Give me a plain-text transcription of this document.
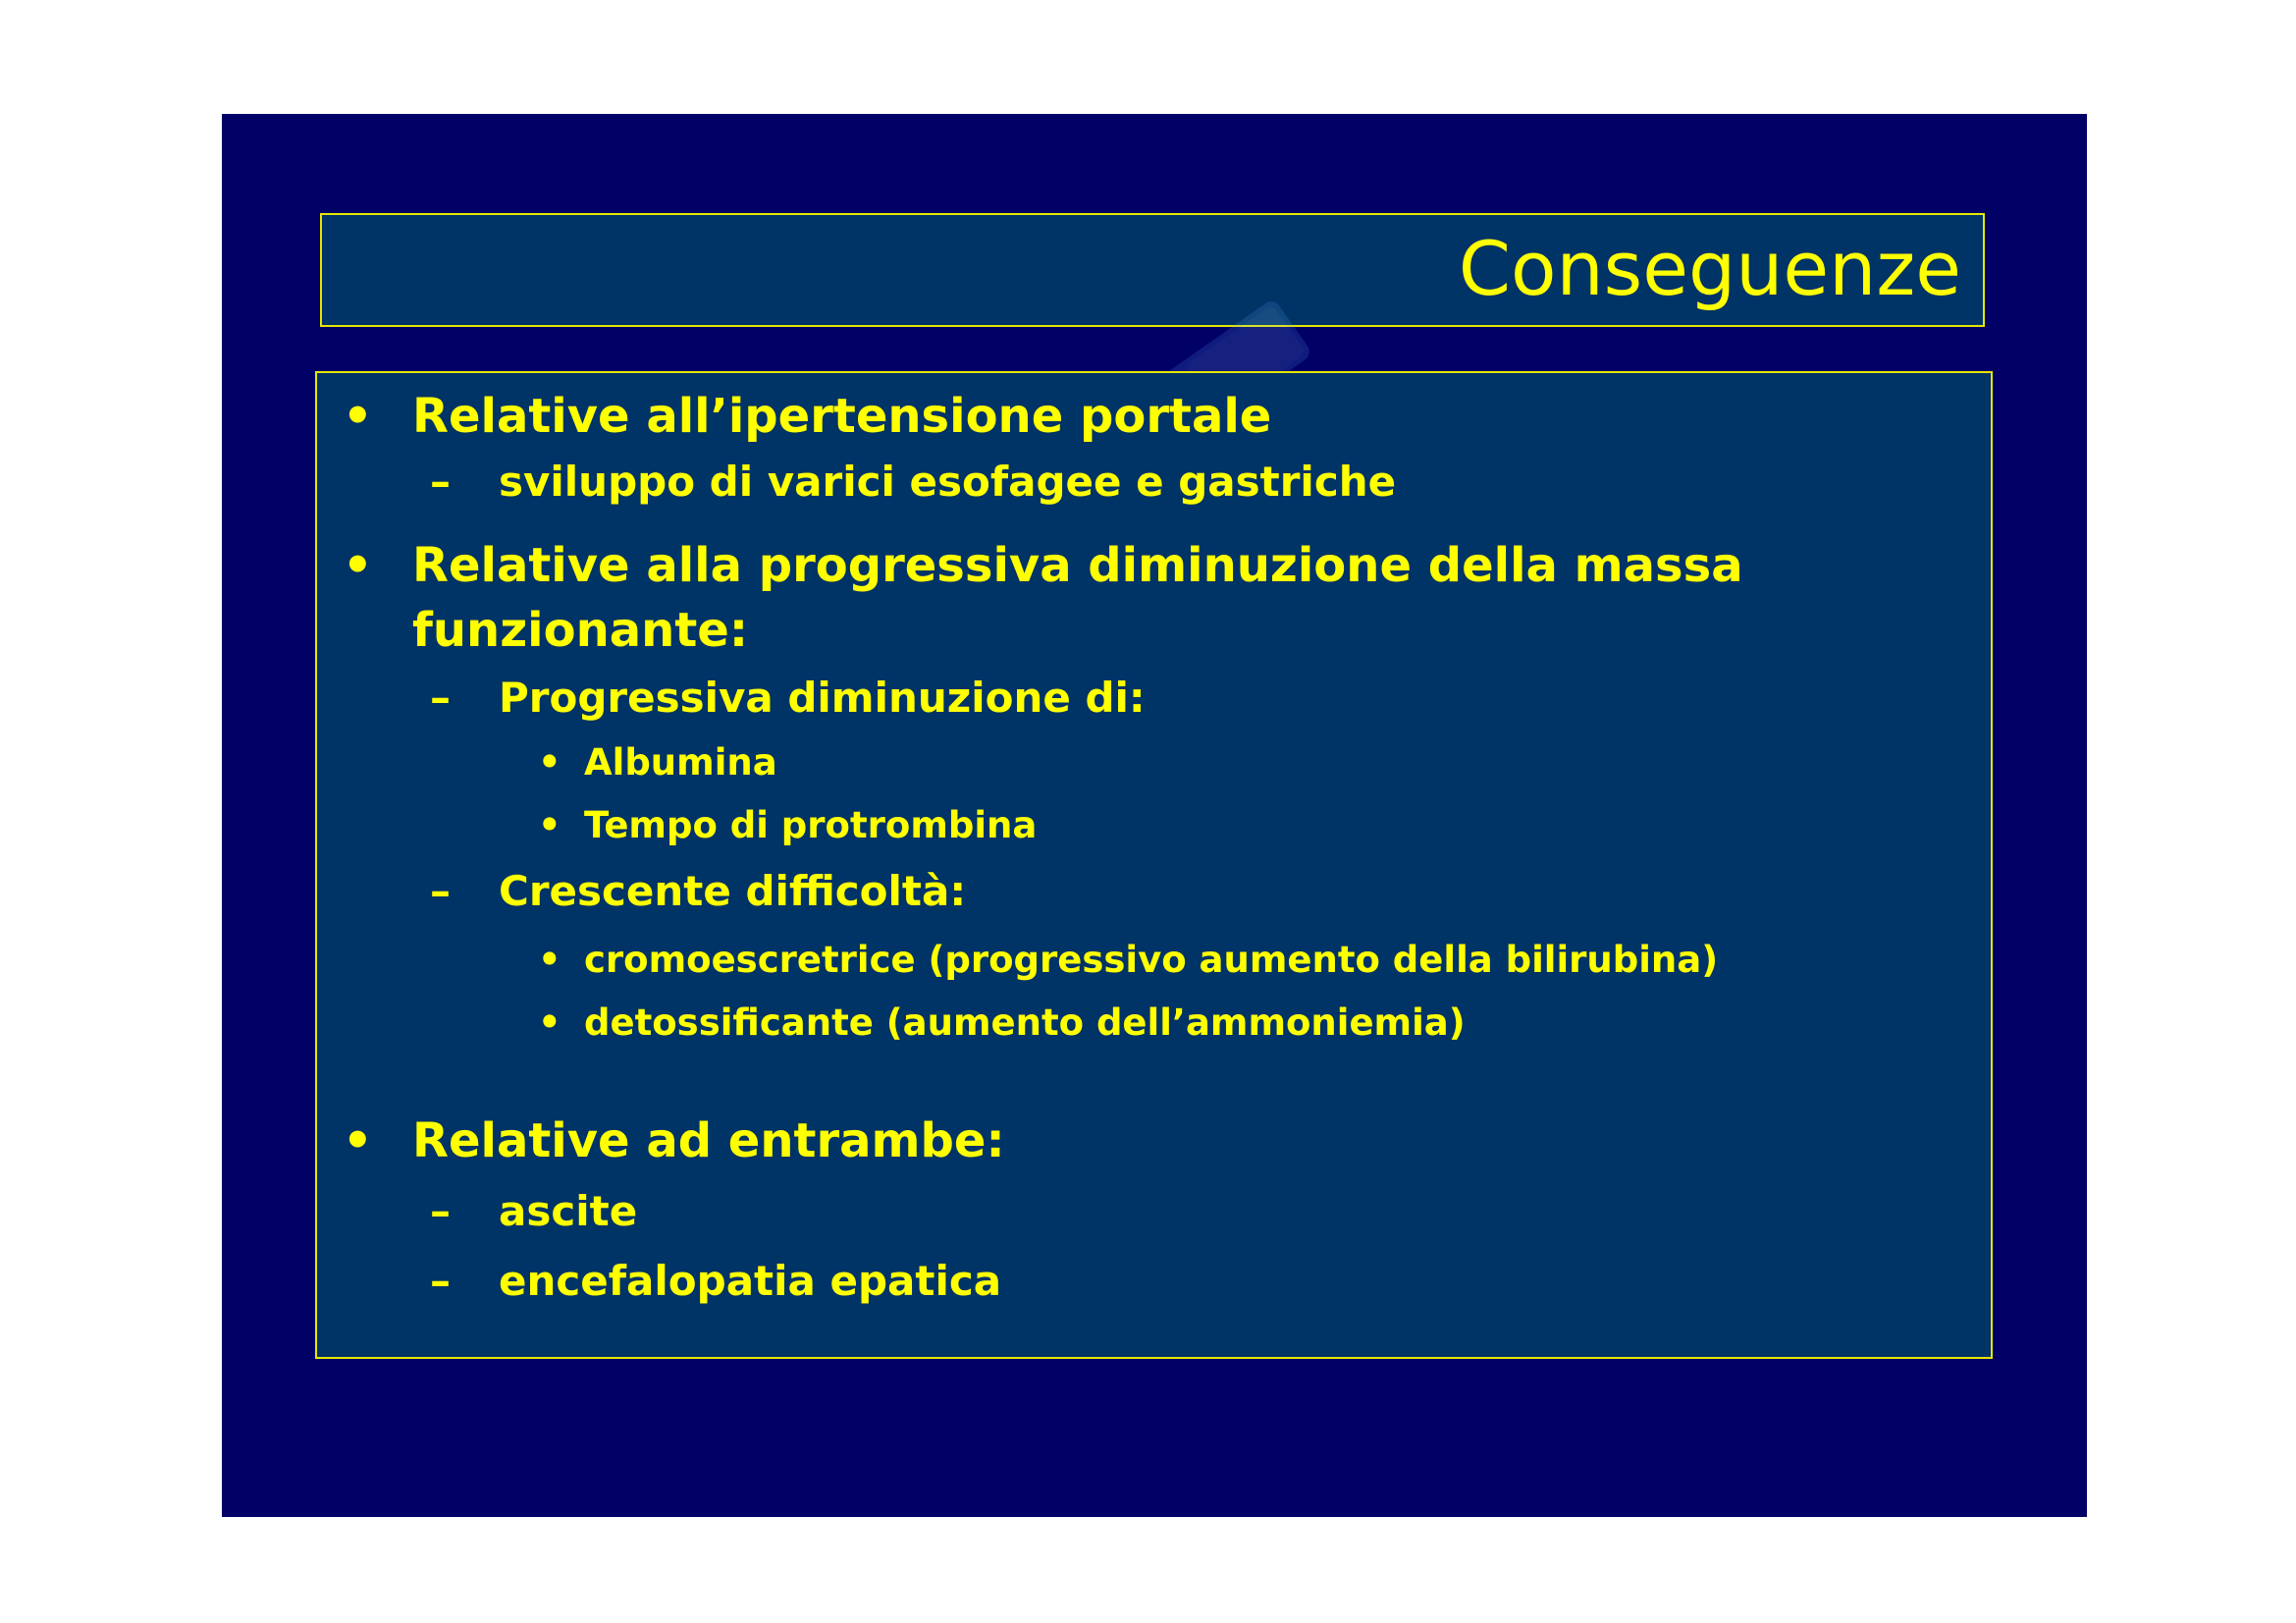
Conseguenze
• Relative all’ipertensione portale
– sviluppo di varici esofagee e gastriche
• Relative alla progressiva diminuzione della massa
funzionante:
– Progressiva diminuzione di:
• Albumina
• Tempo di protrombina
– Crescente difficoltà:
• cromoescretrice (progressivo aumento della bilirubina)
• detossificante (aumento dell’ammoniemia)
• Relative ad entrambe:
– ascite
– encefalopatia epatica
